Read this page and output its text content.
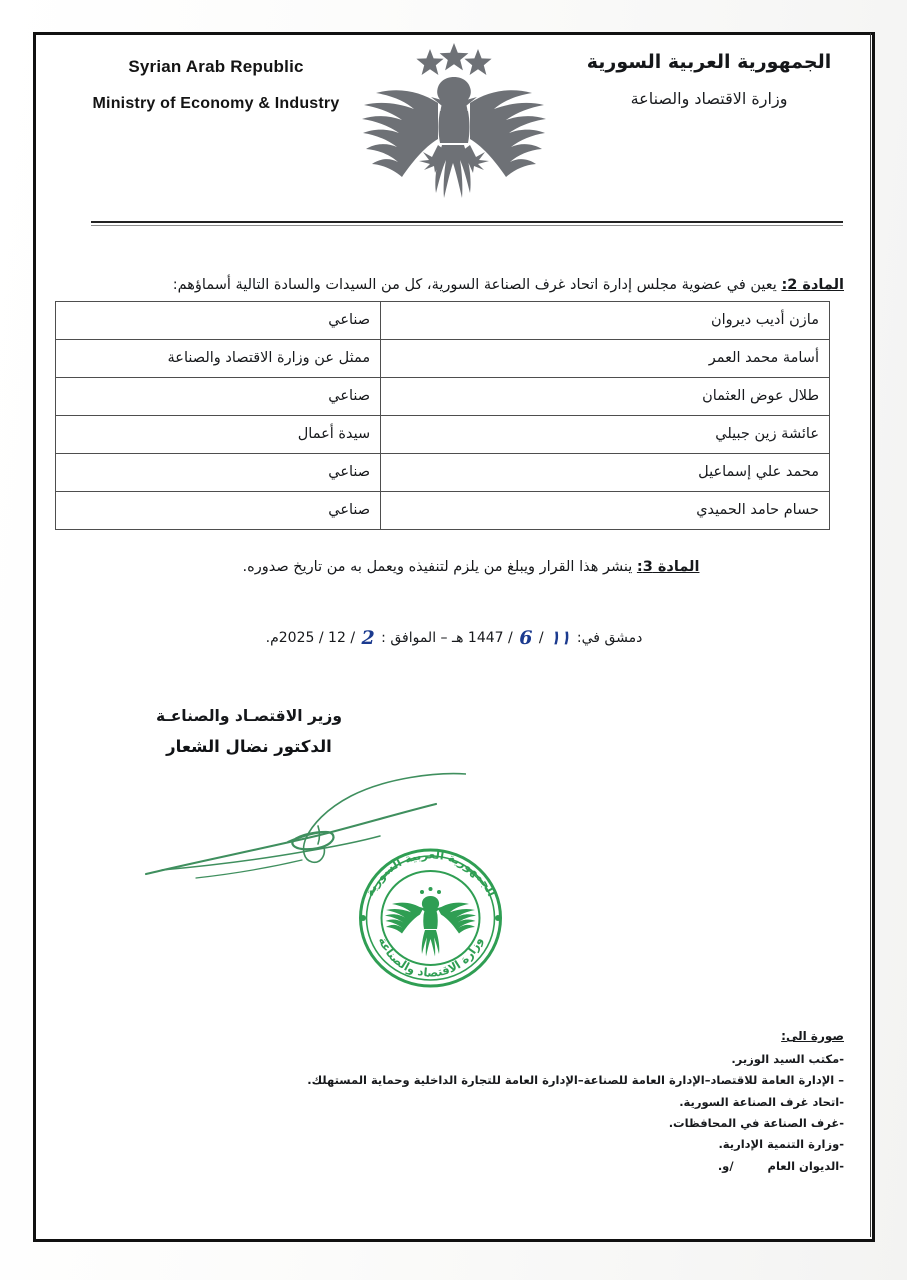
الجمهورية العربية السورية
وزارة الاقتصاد والصناعة
Syrian Arab Republic
Ministry of Economy & Industry
المادة 2: يعين في عضوية مجلس إدارة اتحاد غرف الصناعة السورية، كل من السيدات والسادة التالية أسماؤهم:
مازن أديب ديروان	صناعي
أسامة محمد العمر	ممثل عن وزارة الاقتصاد والصناعة
طلال عوض العثمان	صناعي
عائشة زين جبيلي	سيدة أعمال
محمد علي إسماعيل	صناعي
حسام حامد الحميدي	صناعي
المادة 3: ينشر هذا القرار ويبلغ من يلزم لتنفيذه ويعمل به من تاريخ صدوره.
دمشق في: ١١ / 6 / 1447 هـ – الموافق : 2 / 12 / 2025م.
وزير الاقتصـاد والصناعـة
الدكتور نضال الشعار
الجمهورية العربية السورية
وزارة الاقتصاد والصناعة
صورة الى:
-مكتب السيد الوزير.
– الإدارة العامة للاقتصاد–الإدارة العامة للصناعة–الإدارة العامة للتجارة الداخلية وحماية المستهلك.
-اتحاد غرف الصناعة السورية.
-غرف الصناعة في المحافظات.
-وزارة التنمية الإدارية.
-الديوان العام/و.
